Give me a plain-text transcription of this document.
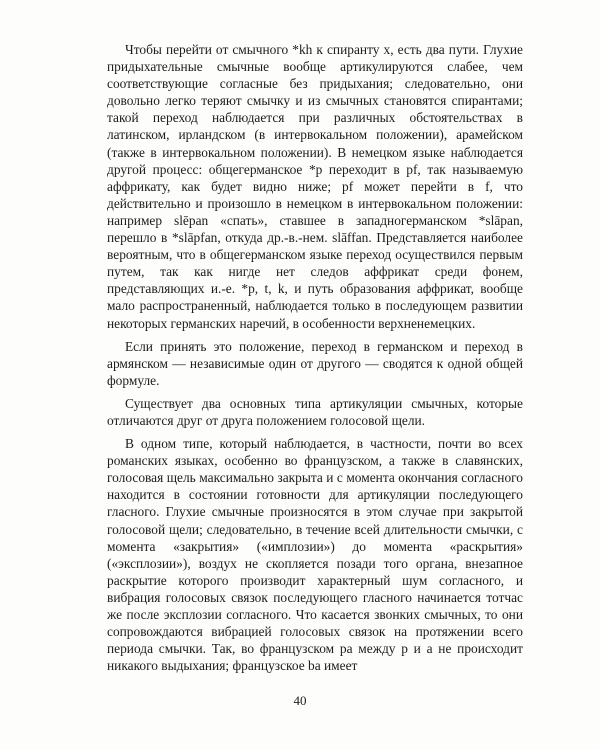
Чтобы перейти от смычного *kh к спиранту x, есть два пути. Глухие придыхательные смычные вообще артикулируются слабее, чем соответствующие согласные без придыхания; следовательно, они довольно легко теряют смычку и из смычных становятся спирантами; такой переход наблюдается при различных обстоятельствах в латинском, ирландском (в интервокальном положении), арамейском (также в интервокальном положении). В немецком языке наблюдается другой процесс: общегерманское *p переходит в pf, так называемую аффрикату, как будет видно ниже; pf может перейти в f, что действительно и произошло в немецком в интервокальном положении: например slēpan «спать», ставшее в западногерманском *slāpan, перешло в *slāpfan, откуда др.-в.-нем. slāffan. Представляется наиболее вероятным, что в общегерманском языке переход осуществился первым путем, так как нигде нет следов аффрикат среди фонем, представляющих и.-е. *p, t, k, и путь образования аффрикат, вообще мало распространенный, наблюдается только в последующем развитии некоторых германских наречий, в особенности верхненемецких.

Если принять это положение, переход в германском и переход в армянском — независимые один от другого — сводятся к одной общей формуле.

Существует два основных типа артикуляции смычных, которые отличаются друг от друга положением голосовой щели.

В одном типе, который наблюдается, в частности, почти во всех романских языках, особенно во французском, а также в славянских, голосовая щель максимально закрыта и с момента окончания согласного находится в состоянии готовности для артикуляции последующего гласного. Глухие смычные произносятся в этом случае при закрытой голосовой щели; следовательно, в течение всей длительности смычки, с момента «закрытия» («имплозии») до момента «раскрытия» («эксплозии»), воздух не скопляется позади того органа, внезапное раскрытие которого производит характерный шум согласного, и вибрация голосовых связок последующего гласного начинается тотчас же после эксплозии согласного. Что касается звонких смычных, то они сопровождаются вибрацией голосовых связок на протяжении всего периода смычки. Так, во французском pa между p и a не происходит никакого выдыхания; французское ba имеет

40
